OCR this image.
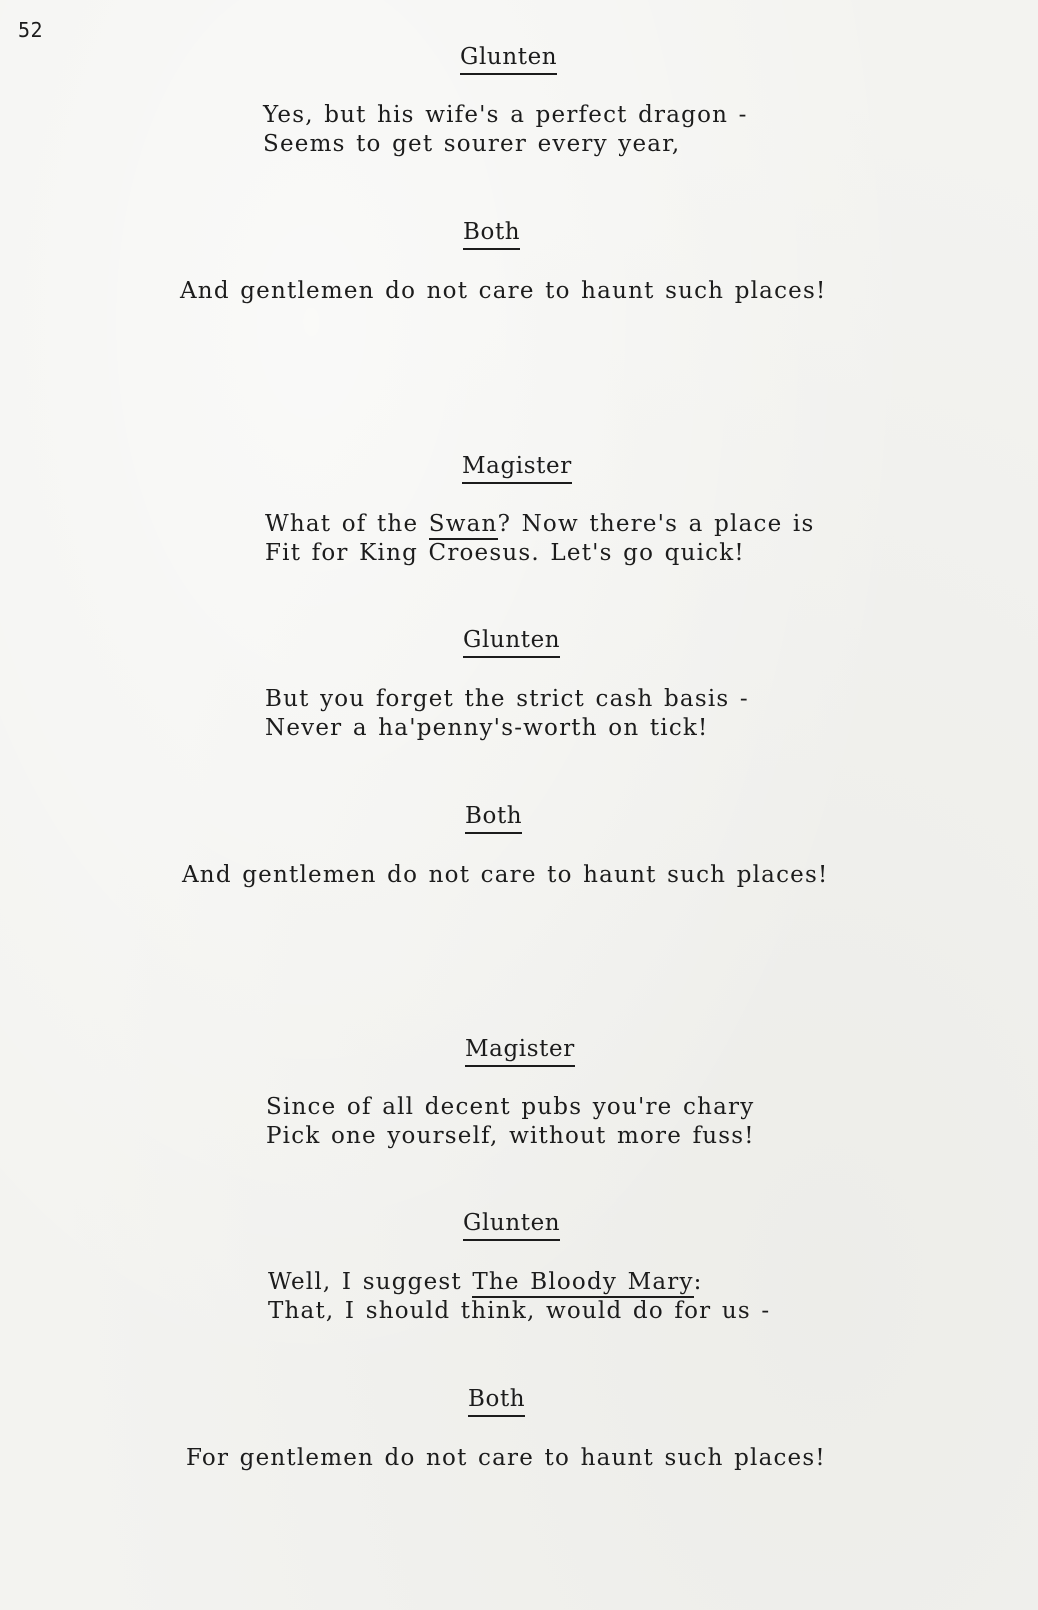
52
Glunten
Yes, but his wife's a perfect dragon -
Seems to get sourer every year,
Both
And gentlemen do not care to haunt such places!
Magister
What of the Swan? Now there's a place is
Fit for King Croesus. Let's go quick!
Glunten
But you forget the strict cash basis -
Never a ha'penny's-worth on tick!
Both
And gentlemen do not care to haunt such places!
Magister
Since of all decent pubs you're chary
Pick one yourself, without more fuss!
Glunten
Well, I suggest The Bloody Mary:
That, I should think, would do for us -
Both
For gentlemen do not care to haunt such places!
